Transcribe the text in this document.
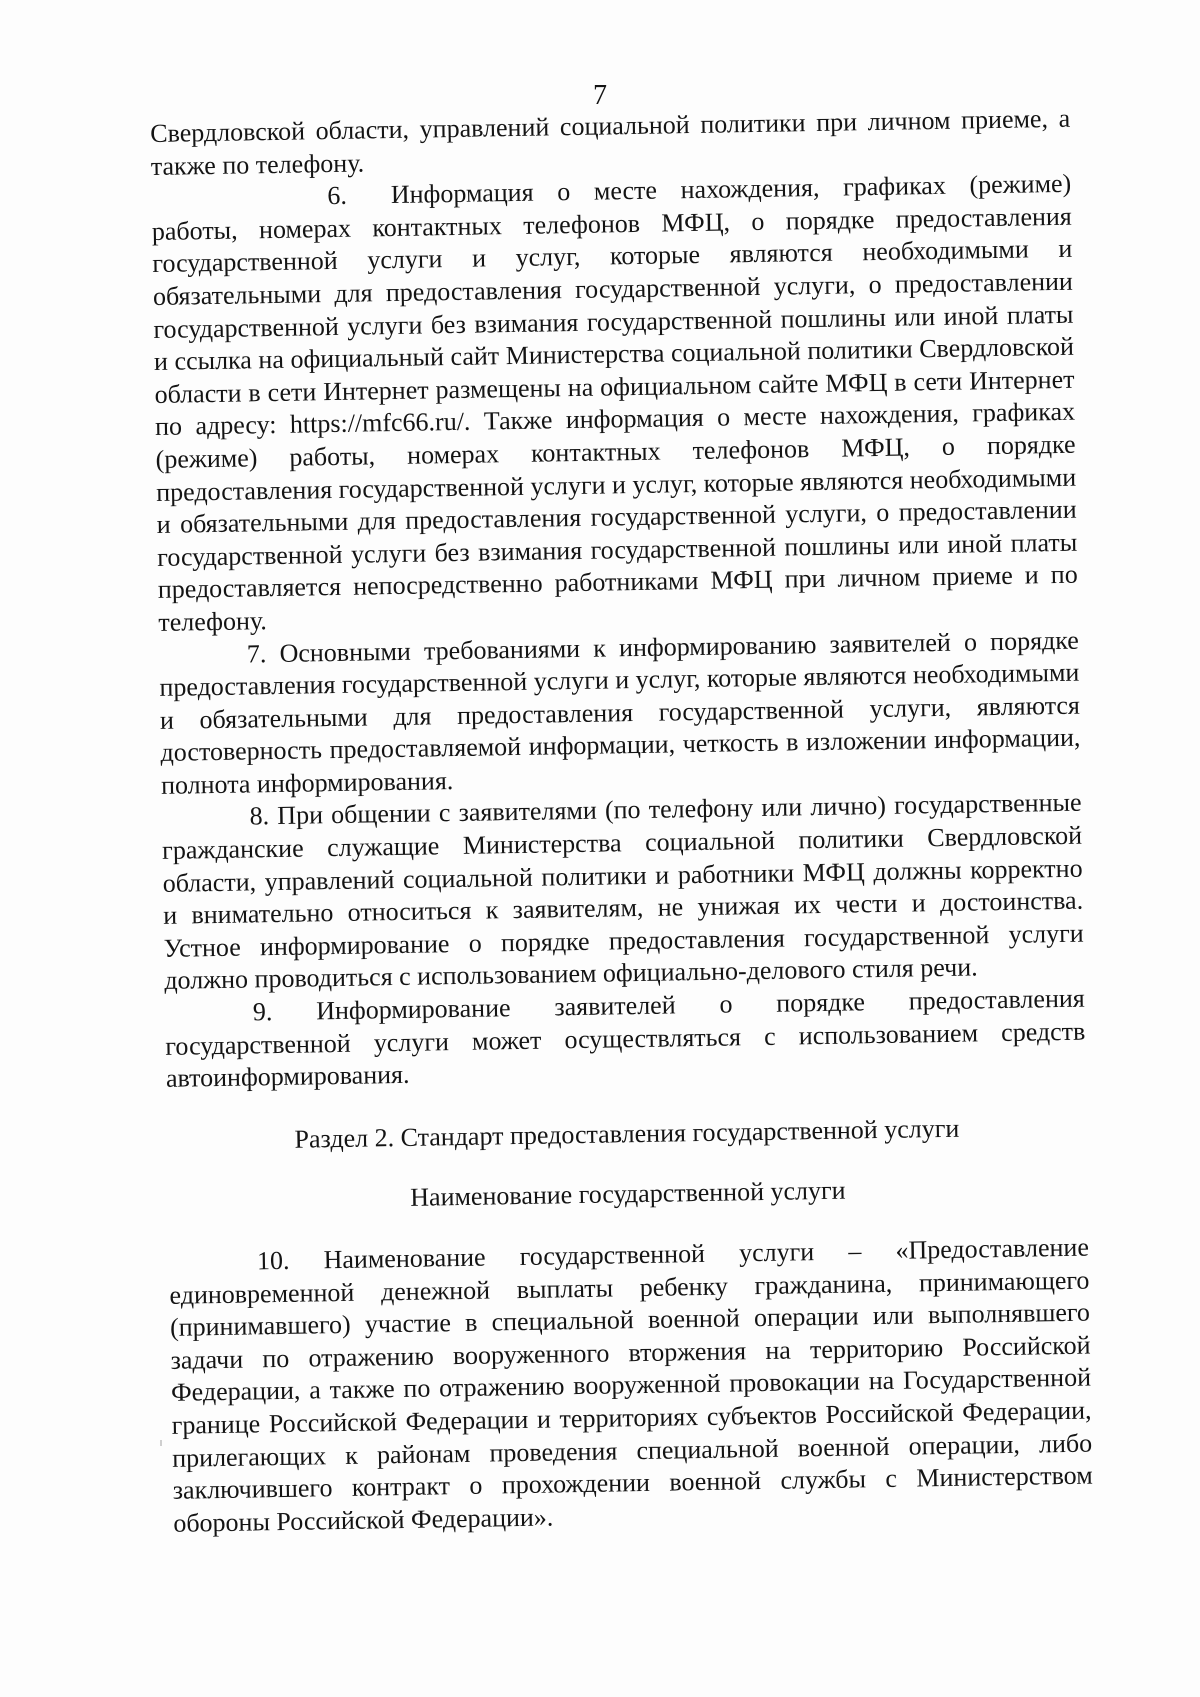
7

Свердловской области, управлений социальной политики при личном приеме, а также по телефону.

6. Информация о месте нахождения, графиках (режиме) работы, номерах контактных телефонов МФЦ, о порядке предоставления государственной услуги и услуг, которые являются необходимыми и обязательными для предоставления государственной услуги, о предоставлении государственной услуги без взимания государственной пошлины или иной платы и ссылка на официальный сайт Министерства социальной политики Свердловской области в сети Интернет размещены на официальном сайте МФЦ в сети Интернет по адресу: https://mfc66.ru/. Также информация о месте нахождения, графиках (режиме) работы, номерах контактных телефонов МФЦ, о порядке предоставления государственной услуги и услуг, которые являются необходимыми и обязательными для предоставления государственной услуги, о предоставлении государственной услуги без взимания государственной пошлины или иной платы предоставляется непосредственно работниками МФЦ при личном приеме и по телефону.

7. Основными требованиями к информированию заявителей о порядке предоставления государственной услуги и услуг, которые являются необходимыми и обязательными для предоставления государственной услуги, являются достоверность предоставляемой информации, четкость в изложении информации, полнота информирования.

8. При общении с заявителями (по телефону или лично) государственные гражданские служащие Министерства социальной политики Свердловской области, управлений социальной политики и работники МФЦ должны корректно и внимательно относиться к заявителям, не унижая их чести и достоинства. Устное информирование о порядке предоставления государственной услуги должно проводиться с использованием официально-делового стиля речи.

9. Информирование заявителей о порядке предоставления государственной услуги может осуществляться с использованием средств автоинформирования.

Раздел 2. Стандарт предоставления государственной услуги

Наименование государственной услуги

10. Наименование государственной услуги – «Предоставление единовременной денежной выплаты ребенку гражданина, принимающего (принимавшего) участие в специальной военной операции или выполнявшего задачи по отражению вооруженного вторжения на территорию Российской Федерации, а также по отражению вооруженной провокации на Государственной границе Российской Федерации и территориях субъектов Российской Федерации, прилегающих к районам проведения специальной военной операции, либо заключившего контракт о прохождении военной службы с Министерством обороны Российской Федерации».
